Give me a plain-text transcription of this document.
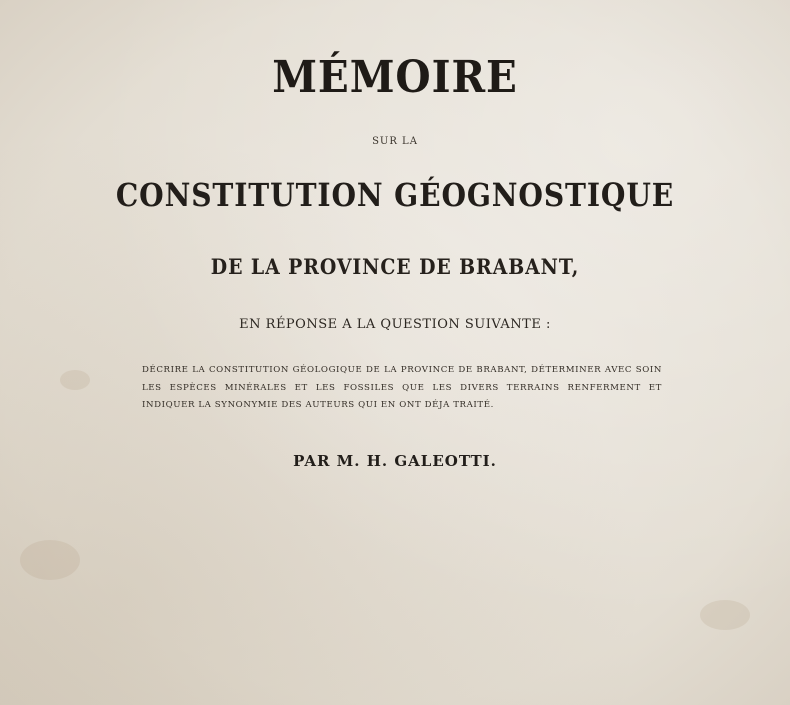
MÉMOIRE

SUR LA

CONSTITUTION GÉOGNOSTIQUE
DE LA PROVINCE DE BRABANT,

EN RÉPONSE A LA QUESTION SUIVANTE :

DÉCRIRE LA CONSTITUTION GÉOLOGIQUE DE LA PROVINCE DE BRABANT, DÉTERMINER AVEC SOIN LES ESPÈCES MINÉRALES ET LES FOSSILES QUE LES DIVERS TERRAINS RENFERMENT ET INDIQUER LA SYNONYMIE DES AUTEURS QUI EN ONT DÉJA TRAITÉ.

PAR M. H. GALEOTTI.
